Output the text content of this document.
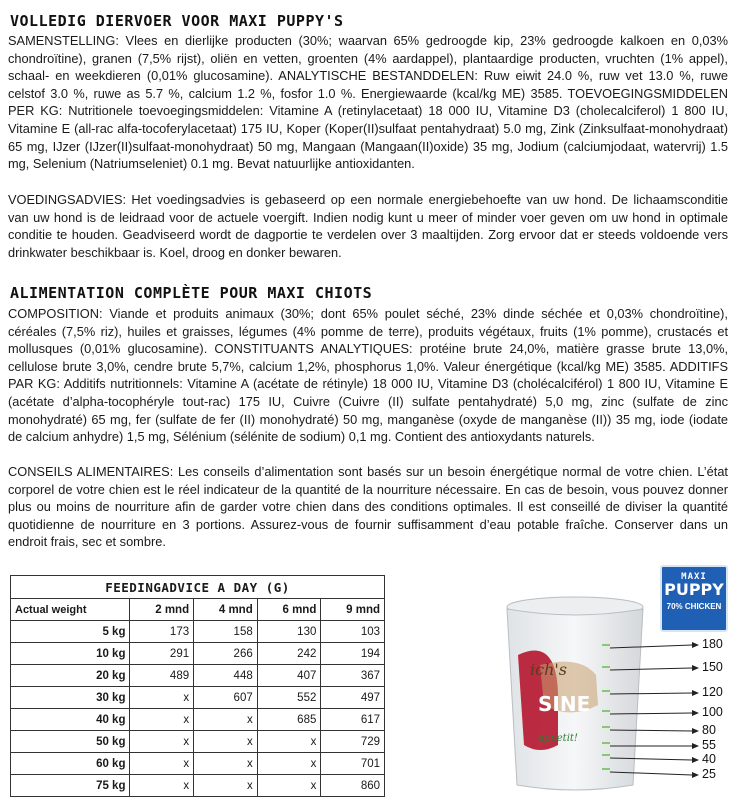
VOLLEDIG DIERVOER VOOR MAXI PUPPY'S
SAMENSTELLING: Vlees en dierlijke producten (30%; waarvan 65% gedroogde kip, 23% gedroogde kalkoen en 0,03% chondroïtine), granen (7,5% rijst), oliën en vetten, groenten (4% aardappel), plantaardige producten, vruchten (1% appel), schaal- en weekdieren (0,01% glucosamine). ANALYTISCHE BESTANDDELEN: Ruw eiwit 24.0 %, ruw vet 13.0 %, ruwe celstof 3.0 %, ruwe as 5.7 %, calcium 1.2 %, fosfor 1.0 %. Energiewaarde (kcal/kg ME) 3585. TOEVOEGINGSMIDDELEN PER KG: Nutritionele toevoegingsmiddelen: Vitamine A (retinylacetaat) 18 000 IU, Vitamine D3 (cholecalciferol) 1 800 IU, Vitamine E (all-rac alfa-tocoferylacetaat) 175 IU, Koper (Koper(II)sulfaat pentahydraat) 5.0 mg, Zink (Zinksulfaat-monohydraat) 65 mg, IJzer (IJzer(II)sulfaat-monohydraat) 50 mg, Mangaan (Mangaan(II)oxide) 35 mg, Jodium (calciumjodaat, watervrij) 1.5 mg, Selenium (Natriumseleniet) 0.1 mg. Bevat natuurlijke antioxidanten.
VOEDINGSADVIES: Het voedingsadvies is gebaseerd op een normale energiebehoefte van uw hond. De lichaamsconditie van uw hond is de leidraad voor de actuele voergift. Indien nodig kunt u meer of minder voer geven om uw hond in optimale conditie te houden. Geadviseerd wordt de dagportie te verdelen over 3 maaltijden. Zorg ervoor dat er steeds voldoende vers drinkwater beschikbaar is. Koel, droog en donker bewaren.
ALIMENTATION COMPLÈTE POUR MAXI CHIOTS
COMPOSITION: Viande et produits animaux (30%; dont 65% poulet séché, 23% dinde séchée et 0,03% chondroïtine), céréales (7,5% riz), huiles et graisses, légumes (4% pomme de terre), produits végétaux, fruits (1% pomme), crustacés et mollusques (0,01% glucosamine). CONSTITUANTS ANALYTIQUES: protéine brute 24,0%, matière grasse brute 13,0%, cellulose brute 3,0%, cendre brute 5,7%, calcium 1,2%, phosphorus 1,0%. Valeur énergétique (kcal/kg ME) 3585. ADDITIFS PAR KG: Additifs nutritionnels: Vitamine A (acétate de rétinyle) 18 000 IU, Vitamine D3 (cholécalciférol) 1 800 IU, Vitamine E (acétate d’alpha-tocophéryle tout-rac) 175 IU, Cuivre (Cuivre (II) sulfate pentahydraté) 5,0 mg, zinc (sulfate de zinc monohydraté) 65 mg, fer (sulfate de fer (II) monohydraté) 50 mg, manganèse (oxyde de manganèse (II)) 35 mg, iode (iodate de calcium anhydre) 1,5 mg, Sélénium (sélénite de sodium) 0,1 mg. Contient des antioxydants naturels.
CONSEILS ALIMENTAIRES: Les conseils d’alimentation sont basés sur un besoin énergétique normal de votre chien. L’état corporel de votre chien est le réel indicateur de la quantité de la nourriture nécessaire. En cas de besoin, vous pouvez donner plus ou moins de nourriture afin de garder votre chien dans des conditions optimales. Il est conseillé de diviser la quantité quotidienne de nourriture en 3 portions. Assurez-vous de fournir suffisamment d’eau potable fraîche. Conserver dans un endroit frais, sec et sombre.
FEEDINGADVICE A DAY (G)				
Actual weight	2 mnd	4 mnd	6 mnd	9 mnd
5 kg	173	158	130	103
10 kg	291	266	242	194
20 kg	489	448	407	367
30 kg	x	607	552	497
40 kg	x	x	685	617
50 kg	x	x	x	729
60 kg	x	x	x	701
75 kg	x	x	x	860
ich's
SINE
appetit!
180
150
120
100
80
55
40
25
MAXI
PUPPY
70% CHICKEN
